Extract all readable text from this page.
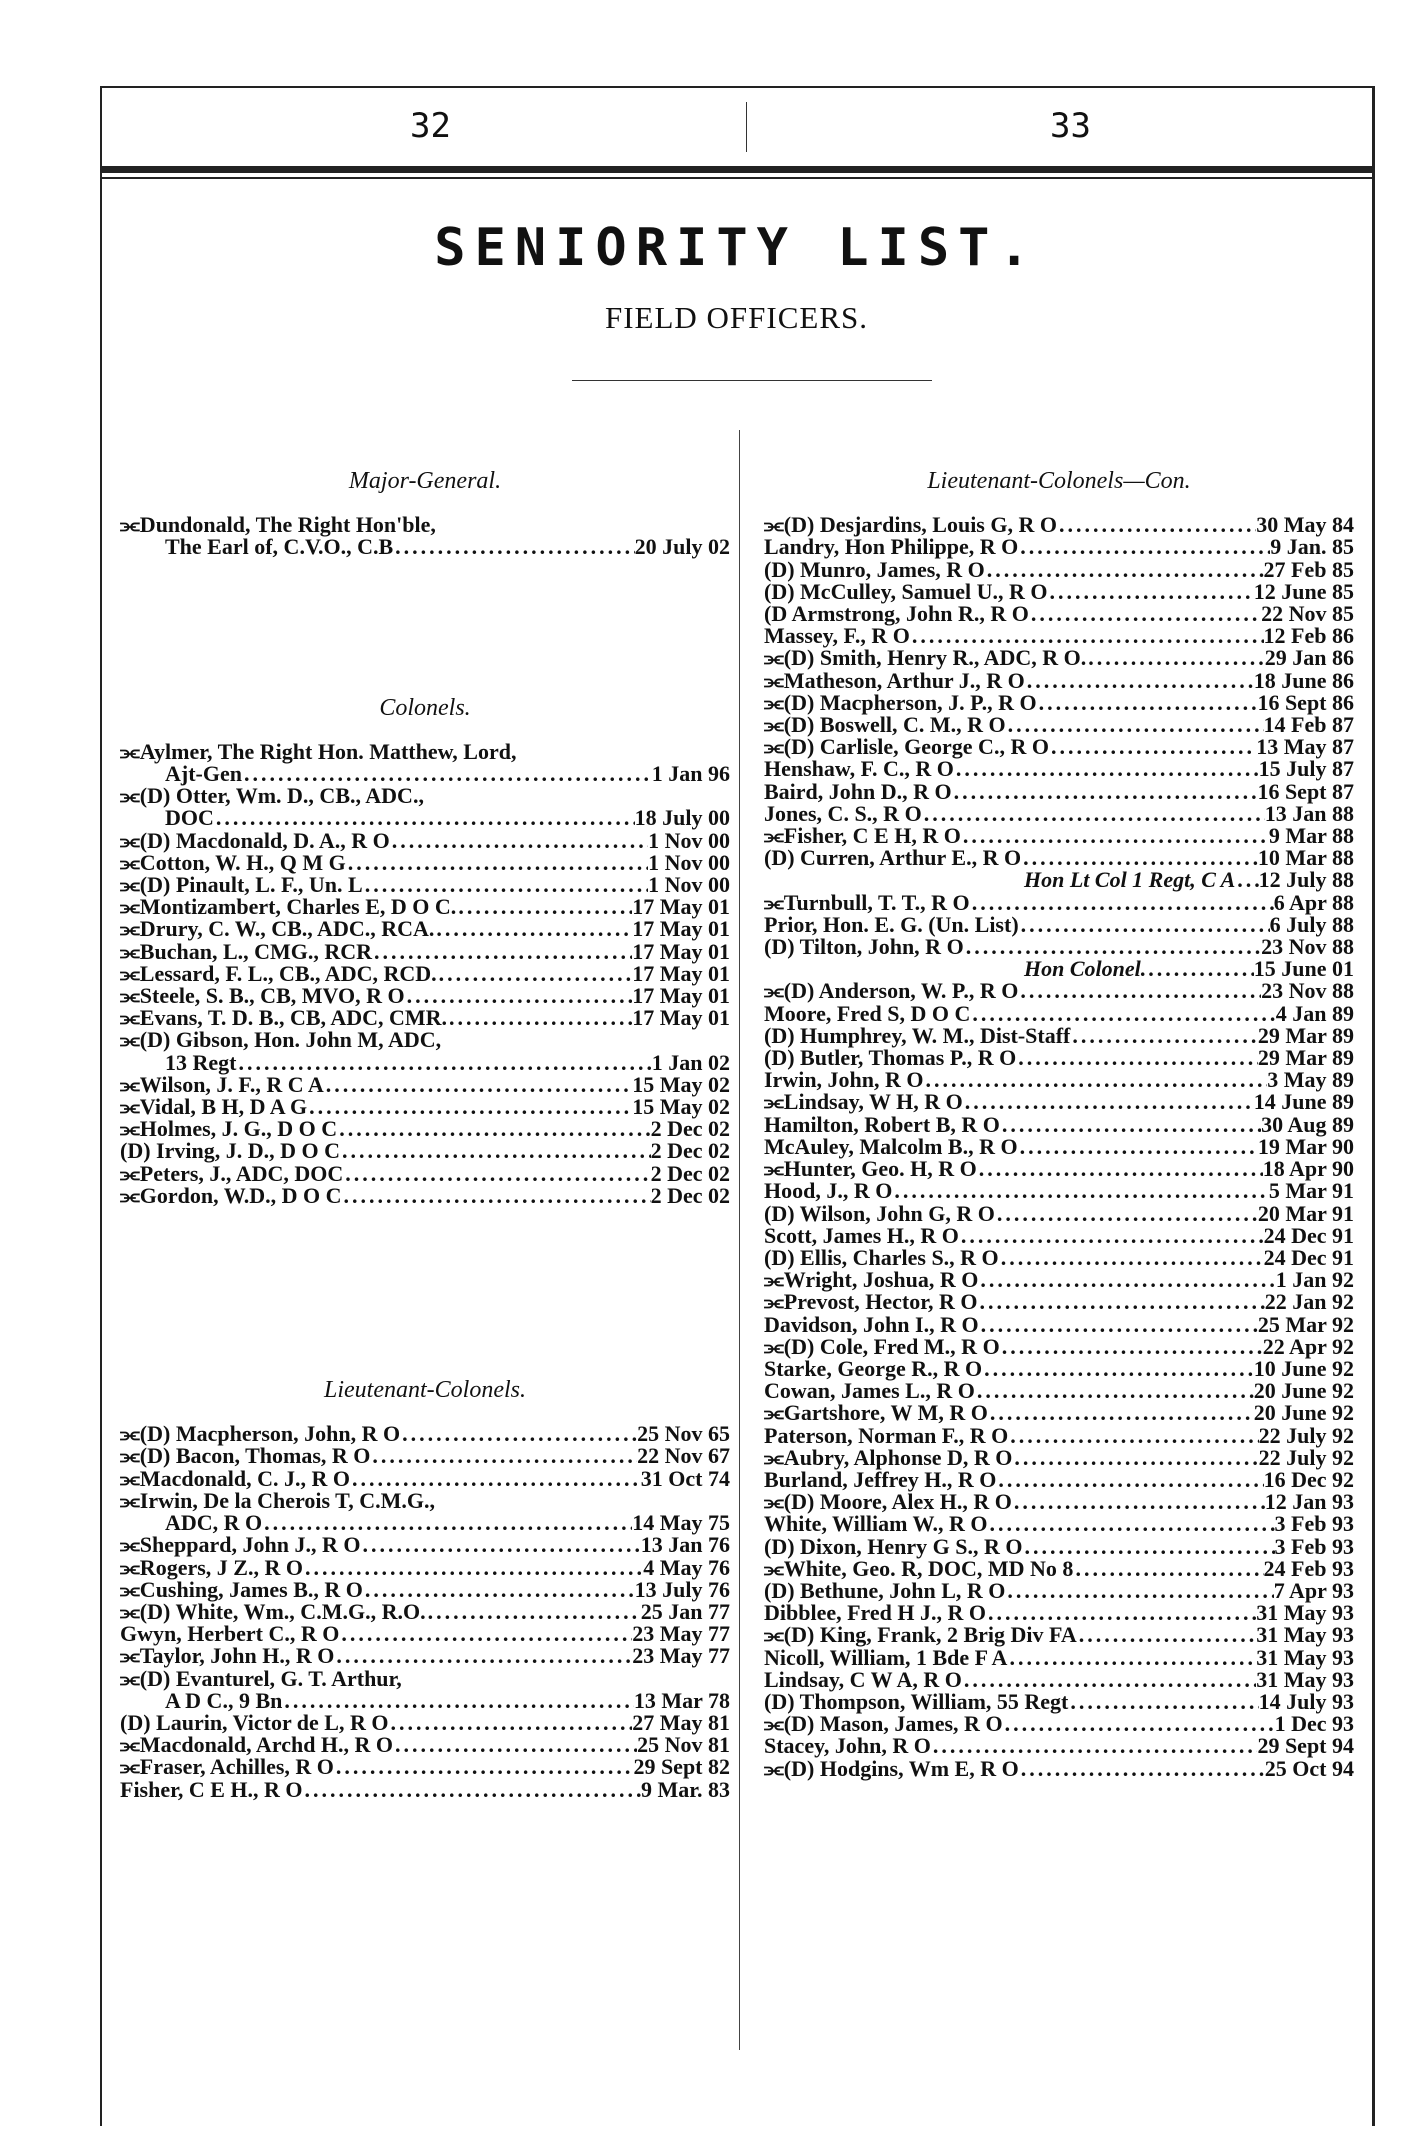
32	33
SENIORITY LIST.
FIELD OFFICERS.
Major-General.
⫘Dundonald, The Right Hon'ble,
The Earl of, C.V.O., C.B .....	20 July 02
Colonels.
⫘Aylmer, The Right Hon. Matthew, Lord,
Ajt-Gen .....	1 Jan 96
⫘(D) Otter, Wm. D., CB., ADC.,
DOC .....	18 July 00
⫘(D) Macdonald, D. A., R O .....	1 Nov 00
⫘Cotton, W. H., Q M G .....	1 Nov 00
⫘(D) Pinault, L. F., Un. L .....	1 Nov 00
⫘Montizambert, Charles E, D O C. .....	17 May 01
⫘Drury, C. W., CB., ADC., RCA. .....	17 May 01
⫘Buchan, L., CMG., RCR .....	17 May 01
⫘Lessard, F. L., CB., ADC, RCD. .....	17 May 01
⫘Steele, S. B., CB, MVO, R O .....	17 May 01
⫘Evans, T. D. B., CB, ADC, CMR. .....	17 May 01
⫘(D) Gibson, Hon. John M, ADC,
13 Regt .....	1 Jan 02
⫘Wilson, J. F., R C A .....	15 May 02
⫘Vidal, B H, D A G .....	15 May 02
⫘Holmes, J. G., D O C .....	2 Dec 02
(D) Irving, J. D., D O C .....	2 Dec 02
⫘Peters, J., ADC, DOC .....	2 Dec 02
⫘Gordon, W.D., D O C .....	2 Dec 02
Lieutenant-Colonels.
⫘(D) Macpherson, John, R O .....	25 Nov 65
⫘(D) Bacon, Thomas, R O .....	22 Nov 67
⫘Macdonald, C. J., R O .....	31 Oct 74
⫘Irwin, De la Cherois T, C.M.G.,
ADC, R O .....	14 May 75
⫘Sheppard, John J., R O .....	13 Jan 76
⫘Rogers, J Z., R O .....	4 May 76
⫘Cushing, James B., R O .....	13 July 76
⫘(D) White, Wm., C.M.G., R.O. .....	25 Jan 77
Gwyn, Herbert C., R O .....	23 May 77
⫘Taylor, John H., R O .....	23 May 77
⫘(D) Evanturel, G. T. Arthur,
A D C., 9 Bn .....	13 Mar 78
(D) Laurin, Victor de L, R O .....	27 May 81
⫘Macdonald, Archd H., R O .....	25 Nov 81
⫘Fraser, Achilles, R O .....	29 Sept 82
Fisher, C E H., R O .....	9 Mar. 83
Lieutenant-Colonels—Con.
⫘(D) Desjardins, Louis G, R O .....	30 May 84
Landry, Hon Philippe, R O .....	9 Jan. 85
(D) Munro, James, R O .....	27 Feb 85
(D) McCulley, Samuel U., R O .....	12 June 85
(D Armstrong, John R., R O .....	22 Nov 85
Massey, F., R O .....	12 Feb 86
⫘(D) Smith, Henry R., ADC, R O. .....	29 Jan 86
⫘Matheson, Arthur J., R O .....	18 June 86
⫘(D) Macpherson, J. P., R O .....	16 Sept 86
⫘(D) Boswell, C. M., R O .....	14 Feb 87
⫘(D) Carlisle, George C., R O .....	13 May 87
Henshaw, F. C., R O .....	15 July 87
Baird, John D., R O .....	16 Sept 87
Jones, C. S., R O .....	13 Jan 88
⫘Fisher, C E H, R O .....	9 Mar 88
(D) Curren, Arthur E., R O .....	10 Mar 88
Hon Lt Col 1 Regt, C A ..... 12 July 88
⫘Turnbull, T. T., R O .....	6 Apr 88
Prior, Hon. E. G. (Un. List) .....	6 July 88
(D) Tilton, John, R O .....	23 Nov 88
Hon Colonel. .....	15 June 01
⫘(D) Anderson, W. P., R O .....	23 Nov 88
Moore, Fred S, D O C .....	4 Jan 89
(D) Humphrey, W. M., Dist-Staff .....	29 Mar 89
(D) Butler, Thomas P., R O .....	29 Mar 89
Irwin, John, R O .....	3 May 89
⫘Lindsay, W H, R O .....	14 June 89
Hamilton, Robert B, R O .....	30 Aug 89
McAuley, Malcolm B., R O .....	19 Mar 90
⫘Hunter, Geo. H, R O .....	18 Apr 90
Hood, J., R O .....	5 Mar 91
(D) Wilson, John G, R O .....	20 Mar 91
Scott, James H., R O .....	24 Dec 91
(D) Ellis, Charles S., R O .....	24 Dec 91
⫘Wright, Joshua, R O .....	1 Jan 92
⫘Prevost, Hector, R O .....	22 Jan 92
Davidson, John I., R O .....	25 Mar 92
⫘(D) Cole, Fred M., R O .....	22 Apr 92
Starke, George R., R O .....	10 June 92
Cowan, James L., R O .....	20 June 92
⫘Gartshore, W M, R O .....	20 June 92
Paterson, Norman F., R O .....	22 July 92
⫘Aubry, Alphonse D, R O .....	22 July 92
Burland, Jeffrey H., R O .....	16 Dec 92
⫘(D) Moore, Alex H., R O .....	12 Jan 93
White, William W., R O .....	3 Feb 93
(D) Dixon, Henry G S., R O .....	3 Feb 93
⫘White, Geo. R, DOC, MD No 8 .....	24 Feb 93
(D) Bethune, John L, R O .....	7 Apr 93
Dibblee, Fred H J., R O .....	31 May 93
⫘(D) King, Frank, 2 Brig Div FA .....	31 May 93
Nicoll, William, 1 Bde F A .....	31 May 93
Lindsay, C W A, R O .....	31 May 93
(D) Thompson, William, 55 Regt .....	14 July 93
⫘(D) Mason, James, R O .....	1 Dec 93
Stacey, John, R O .....	29 Sept 94
⫘(D) Hodgins, Wm E, R O .....	25 Oct 94
